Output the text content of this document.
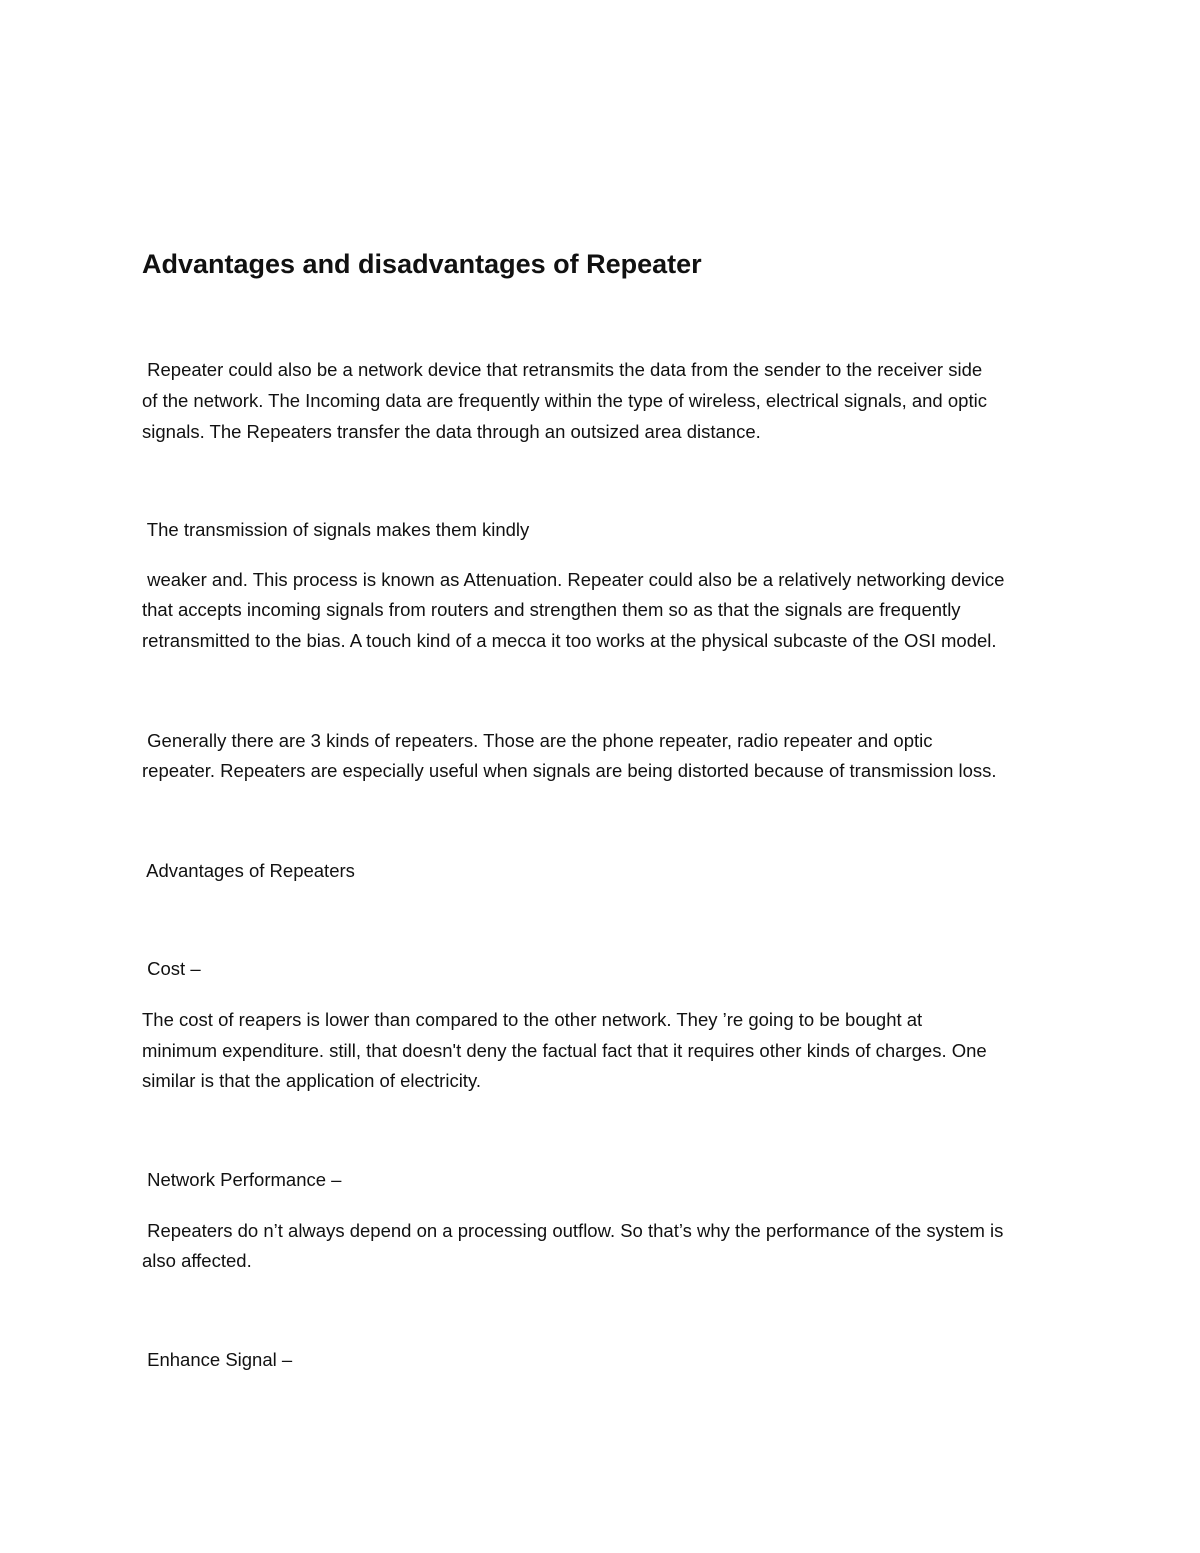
Advantages and disadvantages of Repeater

Repeater could also be a network device that retransmits the data from the sender to the receiver side

of the network. The Incoming data are frequently within the type of wireless, electrical signals, and optic

signals. The Repeaters transfer the data through an outsized area distance.

The transmission of signals makes them kindly

weaker and. This process is known as Attenuation. Repeater could also be a relatively networking device

that accepts incoming signals from routers and strengthen them so as that the signals are frequently

retransmitted to the bias. A touch kind of a mecca it too works at the physical subcaste of the OSI model.

Generally there are 3 kinds of repeaters. Those are the phone repeater, radio repeater and optic

repeater. Repeaters are especially useful when signals are being distorted because of transmission loss.

Advantages of Repeaters

Cost –

The cost of reapers is lower than compared to the other network. They ’re going to be bought at

minimum expenditure. still, that doesn't deny the factual fact that it requires other kinds of charges. One

similar is that the application of electricity.

Network Performance –

Repeaters do n’t always depend on a processing outflow. So that’s why the performance of the system is

also affected.

Enhance Signal –
